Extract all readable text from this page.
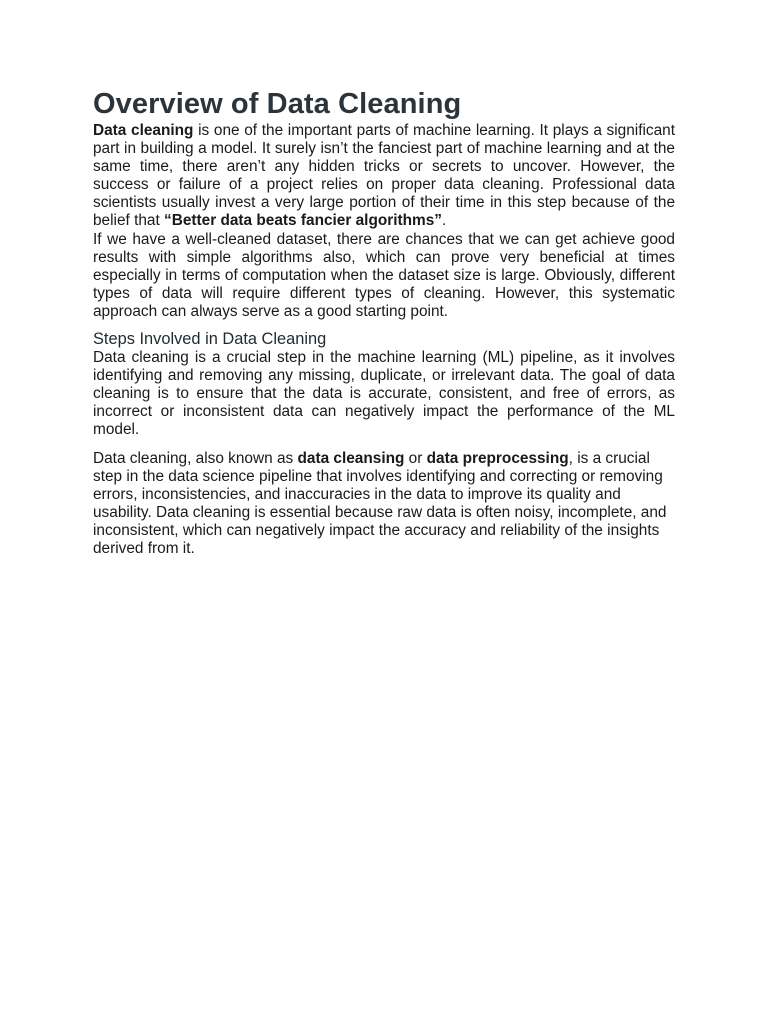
Overview of Data Cleaning

Data cleaning is one of the important parts of machine learning. It plays a significant part in building a model. It surely isn’t the fanciest part of machine learning and at the same time, there aren’t any hidden tricks or secrets to uncover. However, the success or failure of a project relies on proper data cleaning. Professional data scientists usually invest a very large portion of their time in this step because of the belief that “Better data beats fancier algorithms”.

If we have a well-cleaned dataset, there are chances that we can get achieve good results with simple algorithms also, which can prove very beneficial at times especially in terms of computation when the dataset size is large. Obviously, different types of data will require different types of cleaning. However, this systematic approach can always serve as a good starting point.

Steps Involved in Data Cleaning

Data cleaning is a crucial step in the machine learning (ML) pipeline, as it involves identifying and removing any missing, duplicate, or irrelevant data. The goal of data cleaning is to ensure that the data is accurate, consistent, and free of errors, as incorrect or inconsistent data can negatively impact the performance of the ML model.

Data cleaning, also known as data cleansing or data preprocessing, is a crucial step in the data science pipeline that involves identifying and correcting or removing errors, inconsistencies, and inaccuracies in the data to improve its quality and usability. Data cleaning is essential because raw data is often noisy, incomplete, and inconsistent, which can negatively impact the accuracy and reliability of the insights derived from it.
